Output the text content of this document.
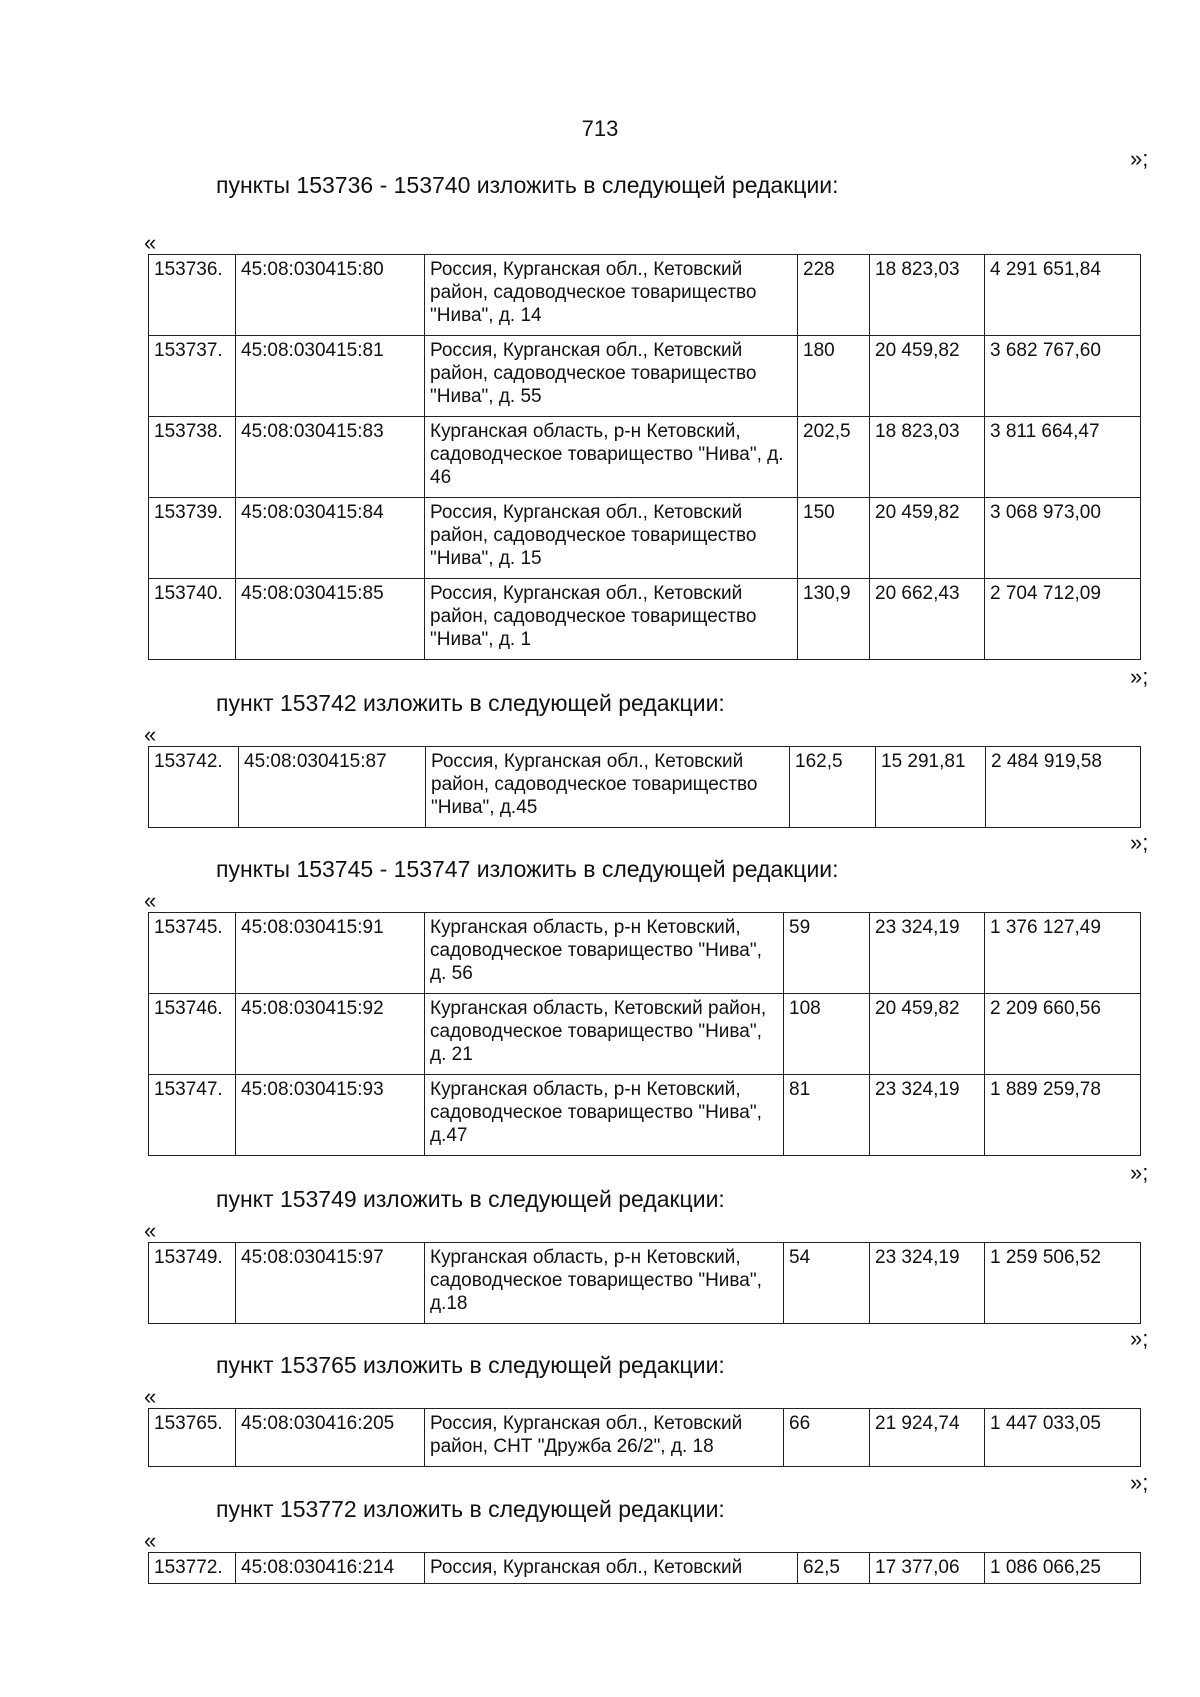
713
»;
пункты 153736 - 153740 изложить в следующей редакции:
«
153736.	45:08:030415:80	Россия, Курганская обл., Кетовский район, садоводческое товарищество "Нива", д. 14	228	18 823,03	4 291 651,84
153737.	45:08:030415:81	Россия, Курганская обл., Кетовский район, садоводческое товарищество "Нива", д. 55	180	20 459,82	3 682 767,60
153738.	45:08:030415:83	Курганская область, р-н Кетовский, садоводческое товарищество "Нива", д. 46	202,5	18 823,03	3 811 664,47
153739.	45:08:030415:84	Россия, Курганская обл., Кетовский район, садоводческое товарищество "Нива", д. 15	150	20 459,82	3 068 973,00
153740.	45:08:030415:85	Россия, Курганская обл., Кетовский район, садоводческое товарищество "Нива", д. 1	130,9	20 662,43	2 704 712,09
»;
пункт 153742 изложить в следующей редакции:
«
153742.	45:08:030415:87	Россия, Курганская обл., Кетовский район, садоводческое товарищество "Нива", д.45	162,5	15 291,81	2 484 919,58
»;
пункты 153745 - 153747 изложить в следующей редакции:
«
153745.	45:08:030415:91	Курганская область, р-н Кетовский, садоводческое товарищество "Нива", д. 56	59	23 324,19	1 376 127,49
153746.	45:08:030415:92	Курганская область, Кетовский район, садоводческое товарищество "Нива", д. 21	108	20 459,82	2 209 660,56
153747.	45:08:030415:93	Курганская область, р-н Кетовский, садоводческое товарищество "Нива", д.47	81	23 324,19	1 889 259,78
»;
пункт 153749 изложить в следующей редакции:
«
153749.	45:08:030415:97	Курганская область, р-н Кетовский, садоводческое товарищество "Нива", д.18	54	23 324,19	1 259 506,52
»;
пункт 153765 изложить в следующей редакции:
«
153765.	45:08:030416:205	Россия, Курганская обл., Кетовский район, СНТ "Дружба 26/2", д. 18	66	21 924,74	1 447 033,05
»;
пункт 153772 изложить в следующей редакции:
«
153772.	45:08:030416:214	Россия, Курганская обл., Кетовский	62,5	17 377,06	1 086 066,25
